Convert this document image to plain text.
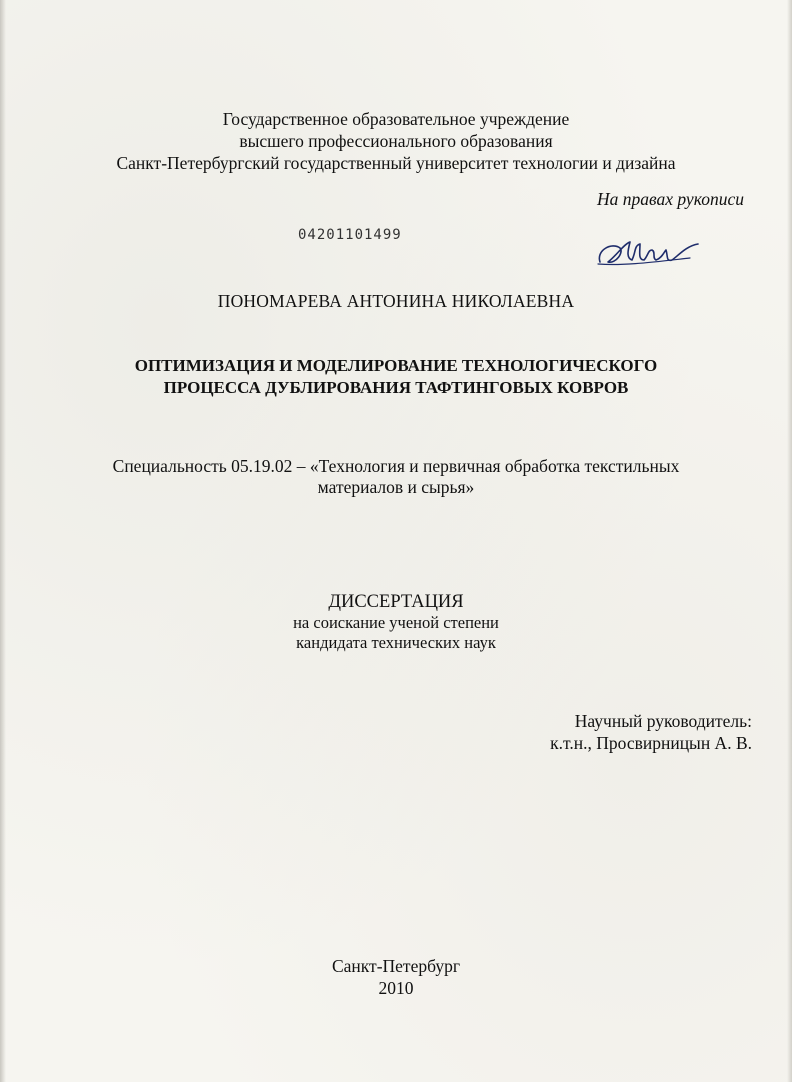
Государственное образовательное учреждение
высшего профессионального образования
Санкт-Петербургский государственный университет технологии и дизайна
На правах рукописи
04201101499
ПОНОМАРЕВА АНТОНИНА НИКОЛАЕВНА
ОПТИМИЗАЦИЯ И МОДЕЛИРОВАНИЕ ТЕХНОЛОГИЧЕСКОГО
ПРОЦЕССА ДУБЛИРОВАНИЯ ТАФТИНГОВЫХ КОВРОВ
Специальность 05.19.02 – «Технология и первичная обработка текстильных
материалов и сырья»
ДИССЕРТАЦИЯ
на соискание ученой степени
кандидата технических наук
Научный руководитель:
к.т.н., Просвирницын А. В.
Санкт-Петербург
2010
